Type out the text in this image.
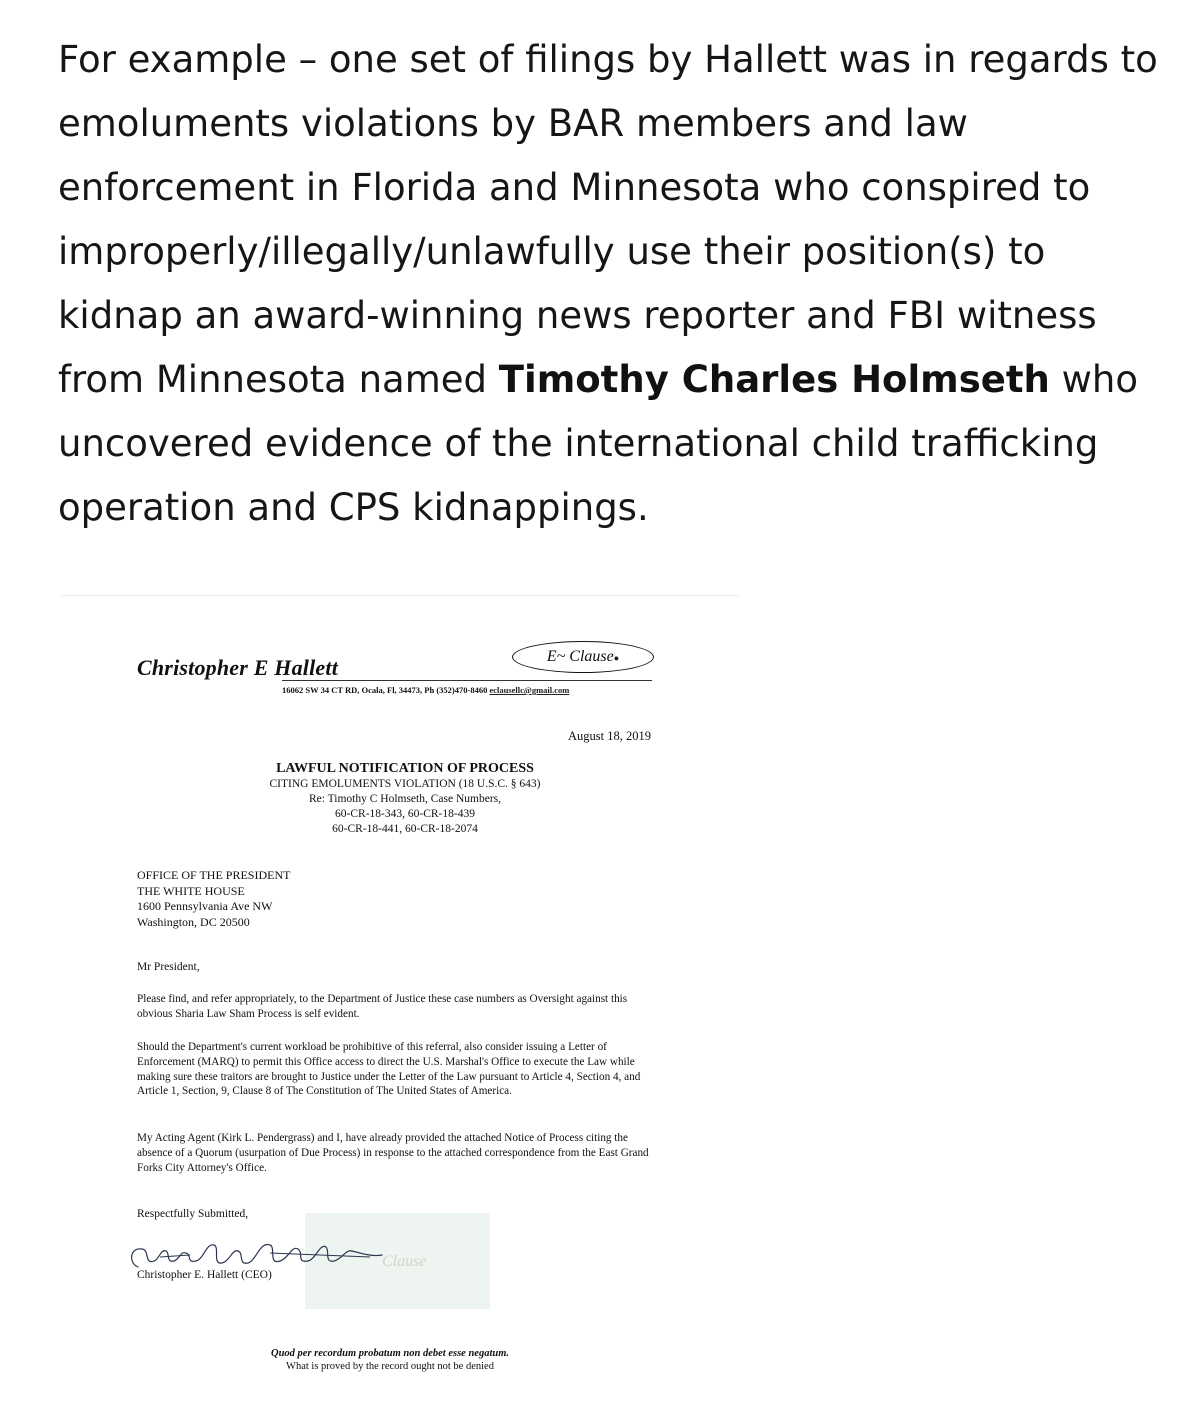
For example – one set of filings by Hallett was in regards to emoluments violations by BAR members and law enforcement in Florida and Minnesota who conspired to improperly/illegally/unlawfully use their position(s) to kidnap an award-winning news reporter and FBI witness from Minnesota named Timothy Charles Holmseth who uncovered evidence of the international child trafficking operation and CPS kidnappings.

Christopher E Hallett	E~ Clause●
16062 SW 34 CT RD, Ocala, Fl, 34473, Ph (352)470-8460 eclausellc@gmail.com
August 18, 2019
LAWFUL NOTIFICATION OF PROCESS
CITING EMOLUMENTS VIOLATION (18 U.S.C. § 643)
Re: Timothy C Holmseth, Case Numbers,
60-CR-18-343, 60-CR-18-439
60-CR-18-441, 60-CR-18-2074
OFFICE OF THE PRESIDENT
THE WHITE HOUSE
1600 Pennsylvania Ave NW
Washington, DC 20500
Mr President,
Please find, and refer appropriately, to the Department of Justice these case numbers as Oversight against this obvious Sharia Law Sham Process is self evident.
Should the Department's current workload be prohibitive of this referral, also consider issuing a Letter of Enforcement (MARQ) to permit this Office access to direct the U.S. Marshal's Office to execute the Law while making sure these traitors are brought to Justice under the Letter of the Law pursuant to Article 4, Section 4, and Article 1, Section, 9, Clause 8 of The Constitution of The United States of America.
My Acting Agent (Kirk L. Pendergrass) and I, have already provided the attached Notice of Process citing the absence of a Quorum (usurpation of Due Process) in response to the attached correspondence from the East Grand Forks City Attorney's Office.
Respectfully Submitted,
Clause
Christopher E. Hallett (CEO)
Quod per recordum probatum non debet esse negatum.
What is proved by the record ought not be denied
